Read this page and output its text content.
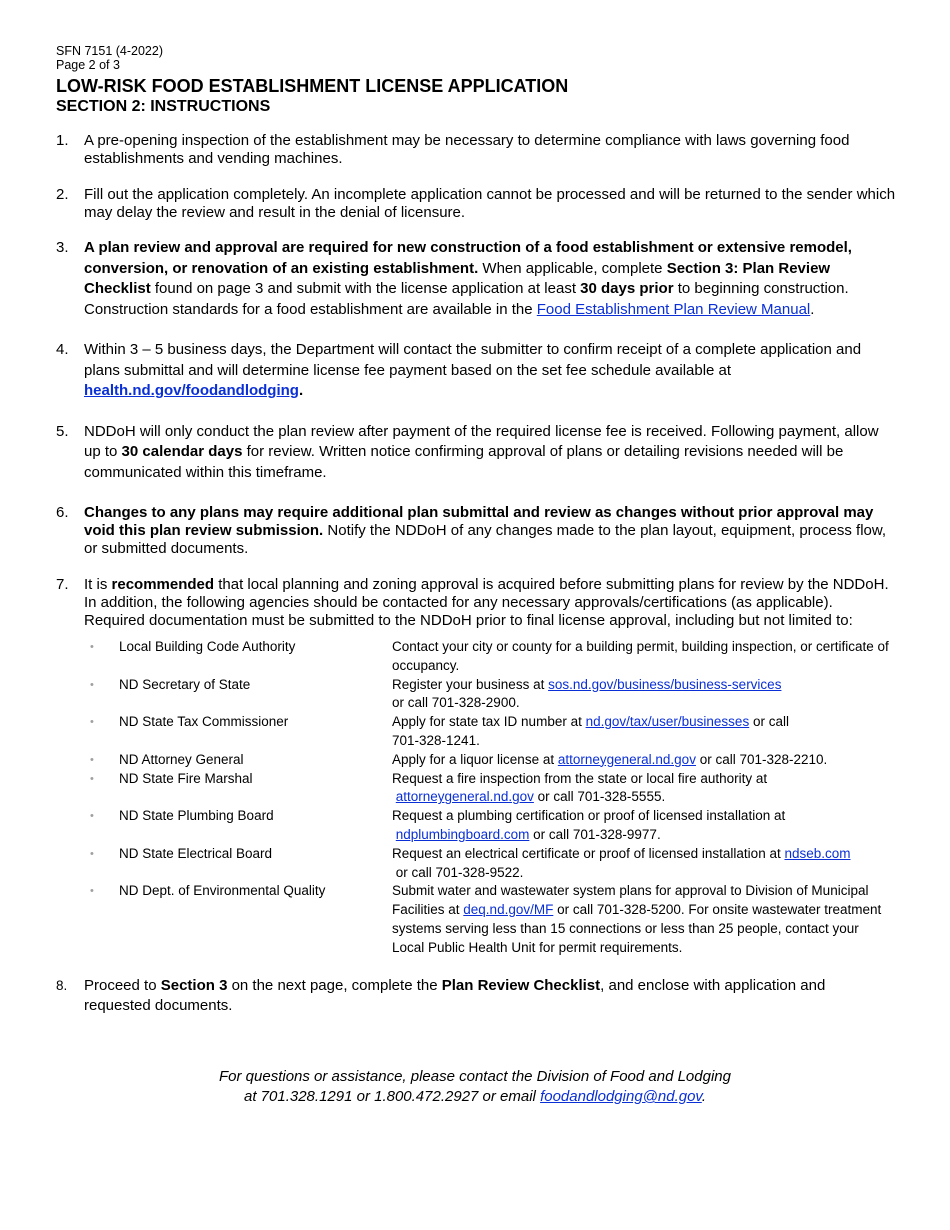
SFN 7151 (4-2022)
Page 2 of 3
LOW-RISK FOOD ESTABLISHMENT LICENSE APPLICATION
SECTION 2: INSTRUCTIONS
1. A pre-opening inspection of the establishment may be necessary to determine compliance with laws governing food establishments and vending machines.
2. Fill out the application completely. An incomplete application cannot be processed and will be returned to the sender which may delay the review and result in the denial of licensure.
3. A plan review and approval are required for new construction of a food establishment or extensive remodel, conversion, or renovation of an existing establishment. When applicable, complete Section 3: Plan Review Checklist found on page 3 and submit with the license application at least 30 days prior to beginning construction. Construction standards for a food establishment are available in the Food Establishment Plan Review Manual.
4. Within 3 – 5 business days, the Department will contact the submitter to confirm receipt of a complete application and plans submittal and will determine license fee payment based on the set fee schedule available at health.nd.gov/foodandlodging.
5. NDDoH will only conduct the plan review after payment of the required license fee is received. Following payment, allow up to 30 calendar days for review. Written notice confirming approval of plans or detailing revisions needed will be communicated within this timeframe.
6. Changes to any plans may require additional plan submittal and review as changes without prior approval may void this plan review submission. Notify the NDDoH of any changes made to the plan layout, equipment, process flow, or submitted documents.
7. It is recommended that local planning and zoning approval is acquired before submitting plans for review by the NDDoH. In addition, the following agencies should be contacted for any necessary approvals/certifications (as applicable). Required documentation must be submitted to the NDDoH prior to final license approval, including but not limited to:
•	Local Building Code Authority	Contact your city or county for a building permit, building inspection, or certificate of occupancy.
•	ND Secretary of State	Register your business at sos.nd.gov/business/business-services
or call 701-328-2900.
•	ND State Tax Commissioner	Apply for state tax ID number at nd.gov/tax/user/businesses or call 701-328-1241.
•	ND Attorney General	Apply for a liquor license at attorneygeneral.nd.gov or call 701-328-2210.
•	ND State Fire Marshal	Request a fire inspection from the state or local fire authority at
attorneygeneral.nd.gov or call 701-328-5555.
•	ND State Plumbing Board	Request a plumbing certification or proof of licensed installation at
ndplumbingboard.com or call 701-328-9977.
•	ND State Electrical Board	Request an electrical certificate or proof of licensed installation at ndseb.com
or call 701-328-9522.
•	ND Dept. of Environmental Quality	Submit water and wastewater system plans for approval to Division of Municipal Facilities at deq.nd.gov/MF or call 701-328-5200. For onsite wastewater treatment systems serving less than 15 connections or less than 25 people, contact your Local Public Health Unit for permit requirements.
8. Proceed to Section 3 on the next page, complete the Plan Review Checklist, and enclose with application and requested documents.
For questions or assistance, please contact the Division of Food and Lodging
at 701.328.1291 or 1.800.472.2927 or email foodandlodging@nd.gov.
